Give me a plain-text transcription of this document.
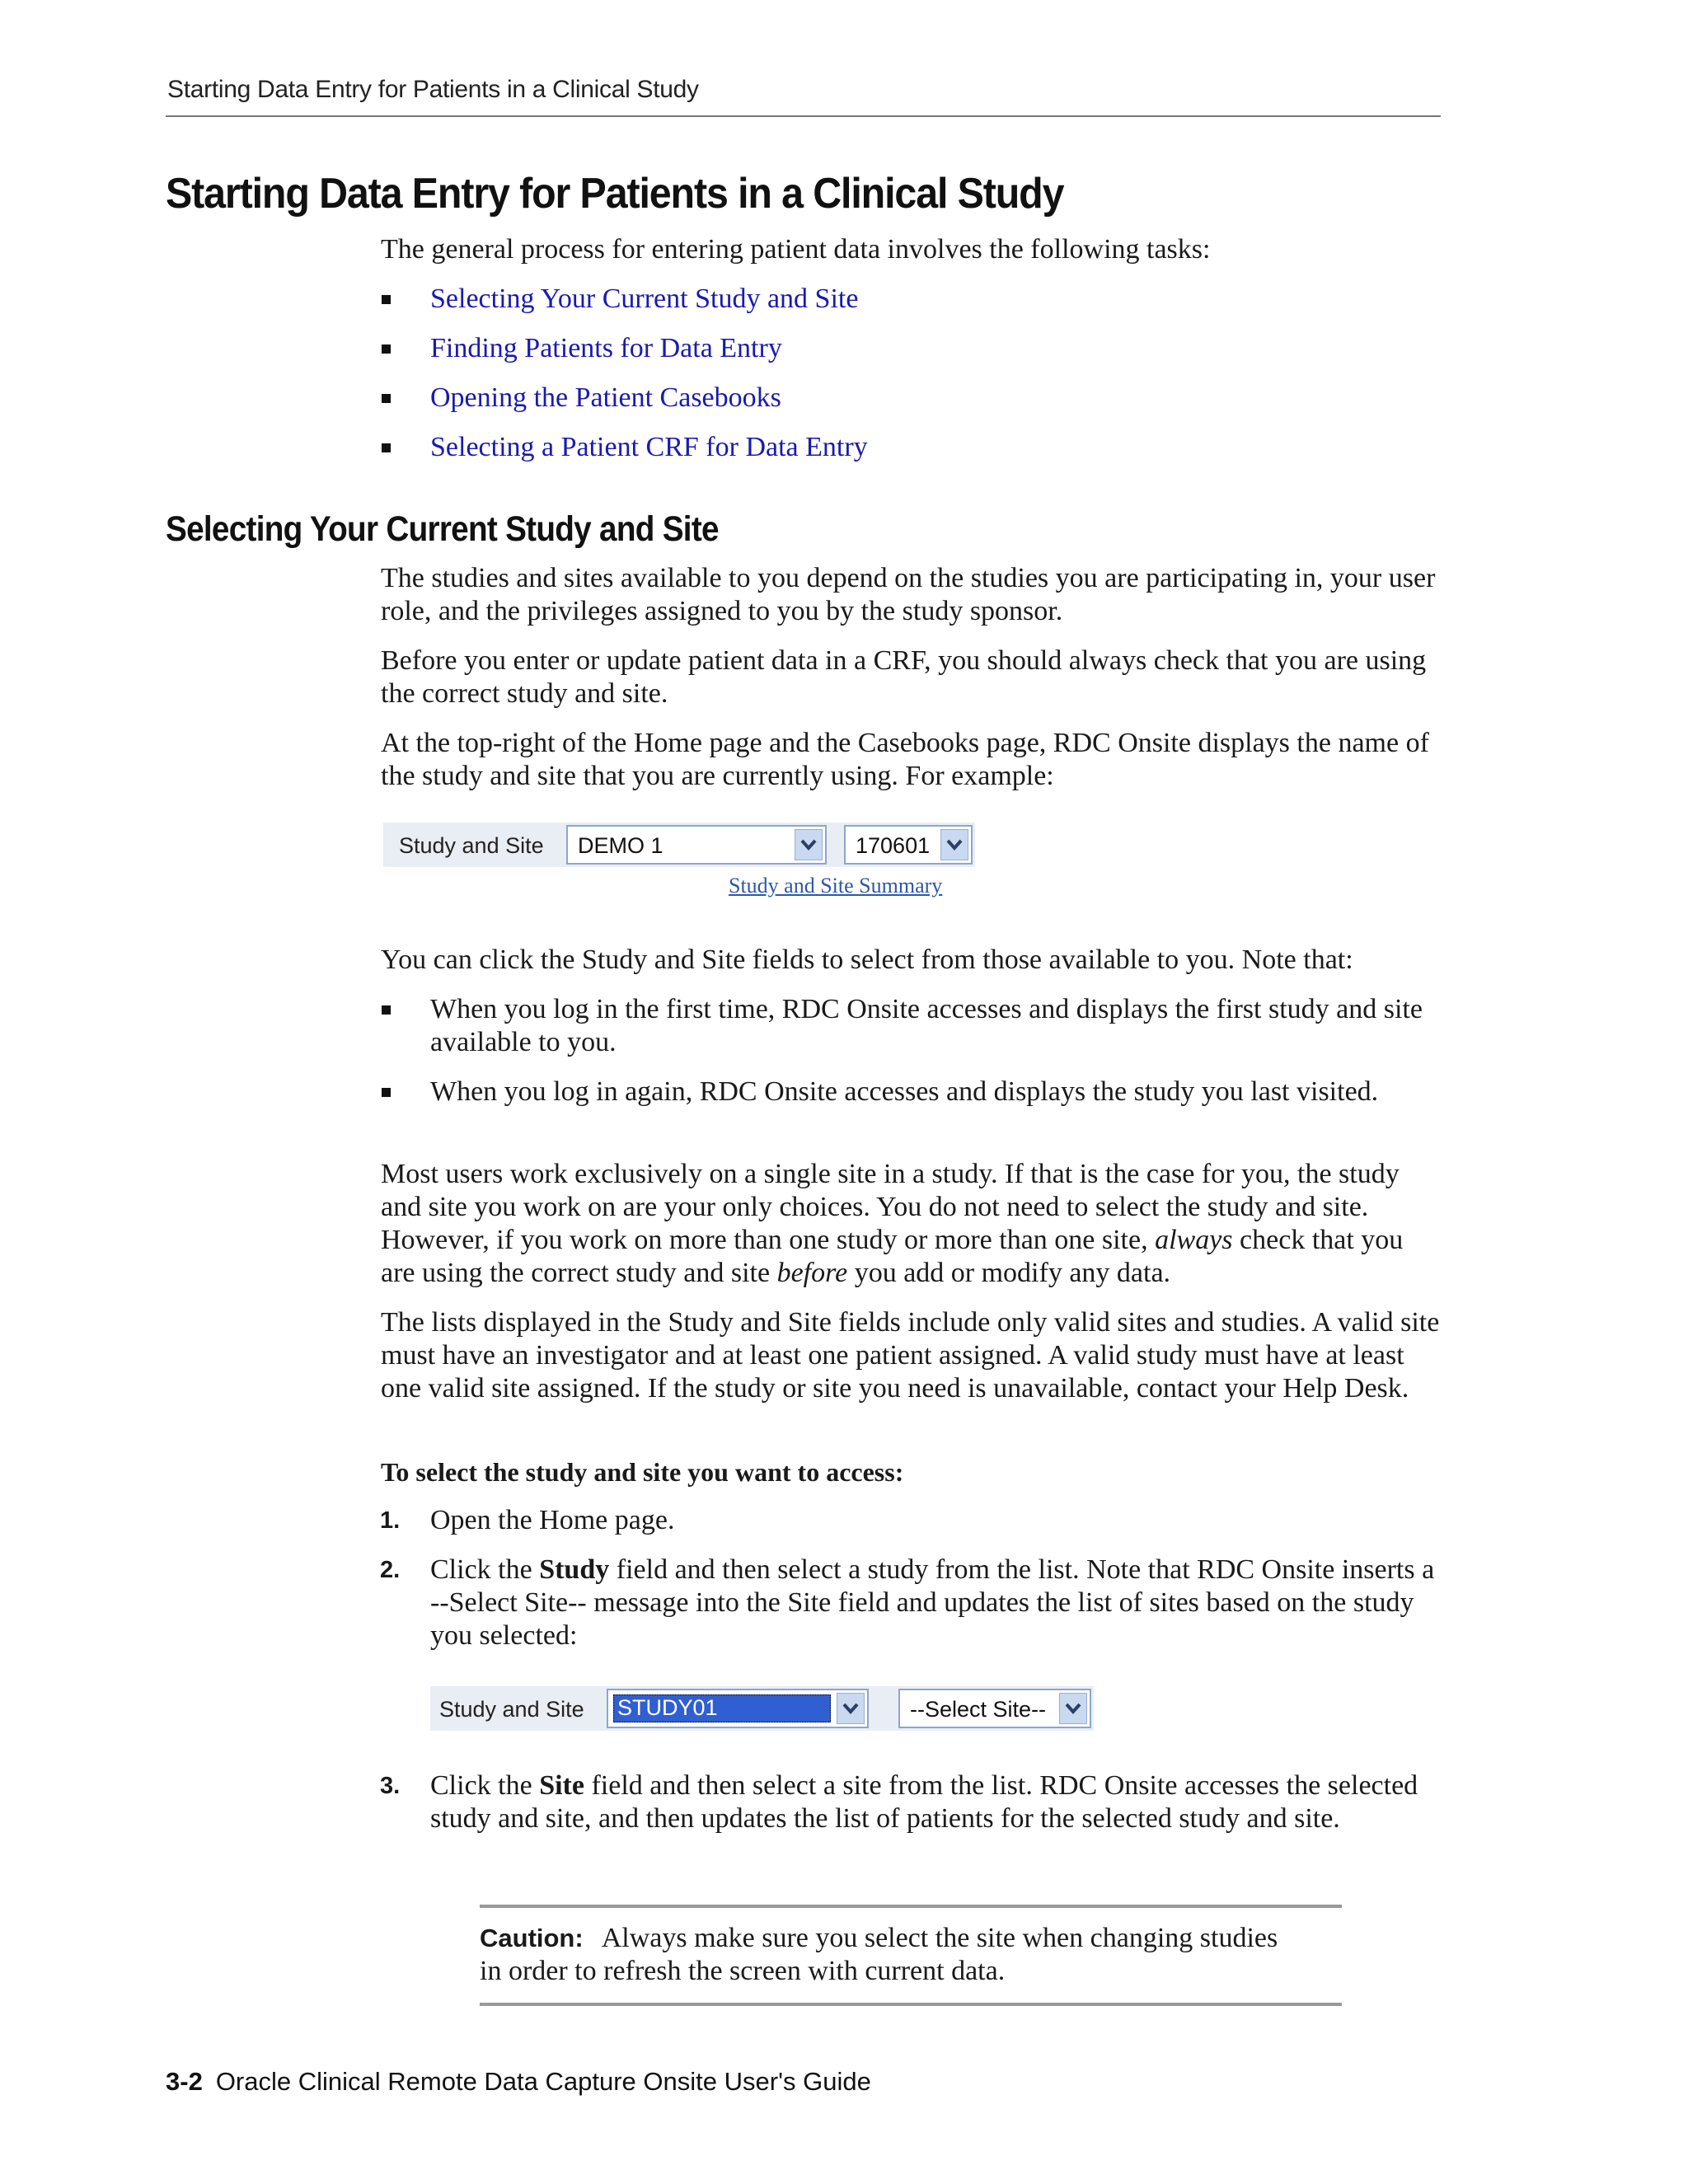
Starting Data Entry for Patients in a Clinical Study
Starting Data Entry for Patients in a Clinical Study

The general process for entering patient data involves the following tasks:

Selecting Your Current Study and Site

Finding Patients for Data Entry

Opening the Patient Casebooks

Selecting a Patient CRF for Data Entry

Selecting Your Current Study and Site

The studies and sites available to you depend on the studies you are participating in, your user role, and the privileges assigned to you by the study sponsor.

Before you enter or update patient data in a CRF, you should always check that you are using the correct study and site.

At the top-right of the Home page and the Casebooks page, RDC Onsite displays the name of the study and site that you are currently using. For example:

Study and Site DEMO 1	170601
Study and Site Summary

You can click the Study and Site fields to select from those available to you. Note that:

When you log in the first time, RDC Onsite accesses and displays the first study and site available to you.

When you log in again, RDC Onsite accesses and displays the study you last visited.

Most users work exclusively on a single site in a study. If that is the case for you, the study and site you work on are your only choices. You do not need to select the study and site. However, if you work on more than one study or more than one site, always check that you are using the correct study and site before you add or modify any data.

The lists displayed in the Study and Site fields include only valid sites and studies. A valid site must have an investigator and at least one patient assigned. A valid study must have at least one valid site assigned. If the study or site you need is unavailable, contact your Help Desk.

To select the study and site you want to access:

1. Open the Home page.

2. Click the Study field and then select a study from the list. Note that RDC Onsite inserts a --Select Site-- message into the Site field and updates the list of sites based on the study you selected:

Study and Site STUDY01	--Select Site--
3. Click the Site field and then select a site from the list. RDC Onsite accesses the selected study and site, and then updates the list of patients for the selected study and site.

Caution: Always make sure you select the site when changing studies in order to refresh the screen with current data.

3-2 Oracle Clinical Remote Data Capture Onsite User's Guide
